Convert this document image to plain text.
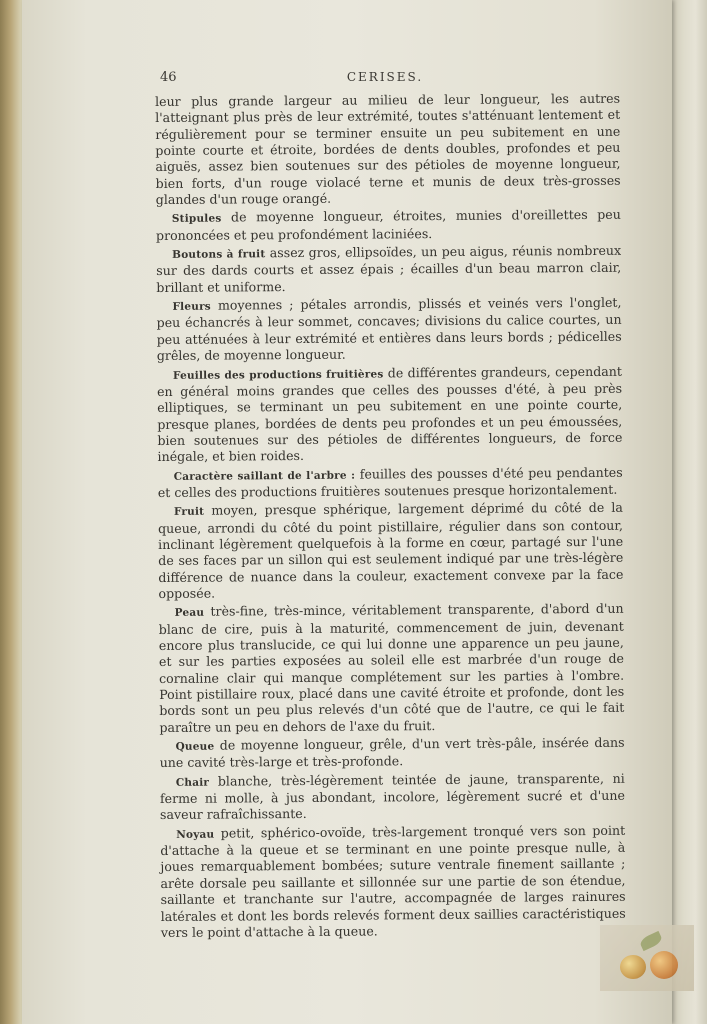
46	CERISES.

leur plus grande largeur au milieu de leur longueur, les autres l'atteignant plus près de leur extrémité, toutes s'atténuant lentement et régulièrement pour se terminer ensuite un peu subitement en une pointe courte et étroite, bordées de dents doubles, profondes et peu aiguës, assez bien soutenues sur des pétioles de moyenne longueur, bien forts, d'un rouge violacé terne et munis de deux très-grosses glandes d'un rouge orangé.

Stipules de moyenne longueur, étroites, munies d'oreillettes peu prononcées et peu profondément laciniées.

Boutons à fruit assez gros, ellipsoïdes, un peu aigus, réunis nombreux sur des dards courts et assez épais ; écailles d'un beau marron clair, brillant et uniforme.

Fleurs moyennes ; pétales arrondis, plissés et veinés vers l'onglet, peu échancrés à leur sommet, concaves; divisions du calice courtes, un peu atténuées à leur extrémité et entières dans leurs bords ; pédicelles grêles, de moyenne longueur.

Feuilles des productions fruitières de différentes grandeurs, cependant en général moins grandes que celles des pousses d'été, à peu près elliptiques, se terminant un peu subitement en une pointe courte, presque planes, bordées de dents peu profondes et un peu émoussées, bien soutenues sur des pétioles de différentes longueurs, de force inégale, et bien roides.

Caractère saillant de l'arbre : feuilles des pousses d'été peu pendantes et celles des productions fruitières soutenues presque horizontalement.

Fruit moyen, presque sphérique, largement déprimé du côté de la queue, arrondi du côté du point pistillaire, régulier dans son contour, inclinant légèrement quelquefois à la forme en cœur, partagé sur l'une de ses faces par un sillon qui est seulement indiqué par une très-légère différence de nuance dans la couleur, exactement convexe par la face opposée.

Peau très-fine, très-mince, véritablement transparente, d'abord d'un blanc de cire, puis à la maturité, commencement de juin, devenant encore plus translucide, ce qui lui donne une apparence un peu jaune, et sur les parties exposées au soleil elle est marbrée d'un rouge de cornaline clair qui manque complétement sur les parties à l'ombre. Point pistillaire roux, placé dans une cavité étroite et profonde, dont les bords sont un peu plus relevés d'un côté que de l'autre, ce qui le fait paraître un peu en dehors de l'axe du fruit.

Queue de moyenne longueur, grêle, d'un vert très-pâle, insérée dans une cavité très-large et très-profonde.

Chair blanche, très-légèrement teintée de jaune, transparente, ni ferme ni molle, à jus abondant, incolore, légèrement sucré et d'une saveur rafraîchissante.

Noyau petit, sphérico-ovoïde, très-largement tronqué vers son point d'attache à la queue et se terminant en une pointe presque nulle, à joues remarquablement bombées; suture ventrale finement saillante ; arête dorsale peu saillante et sillonnée sur une partie de son étendue, saillante et tranchante sur l'autre, accompagnée de larges rainures latérales et dont les bords relevés forment deux saillies caractéristiques vers le point d'attache à la queue.
